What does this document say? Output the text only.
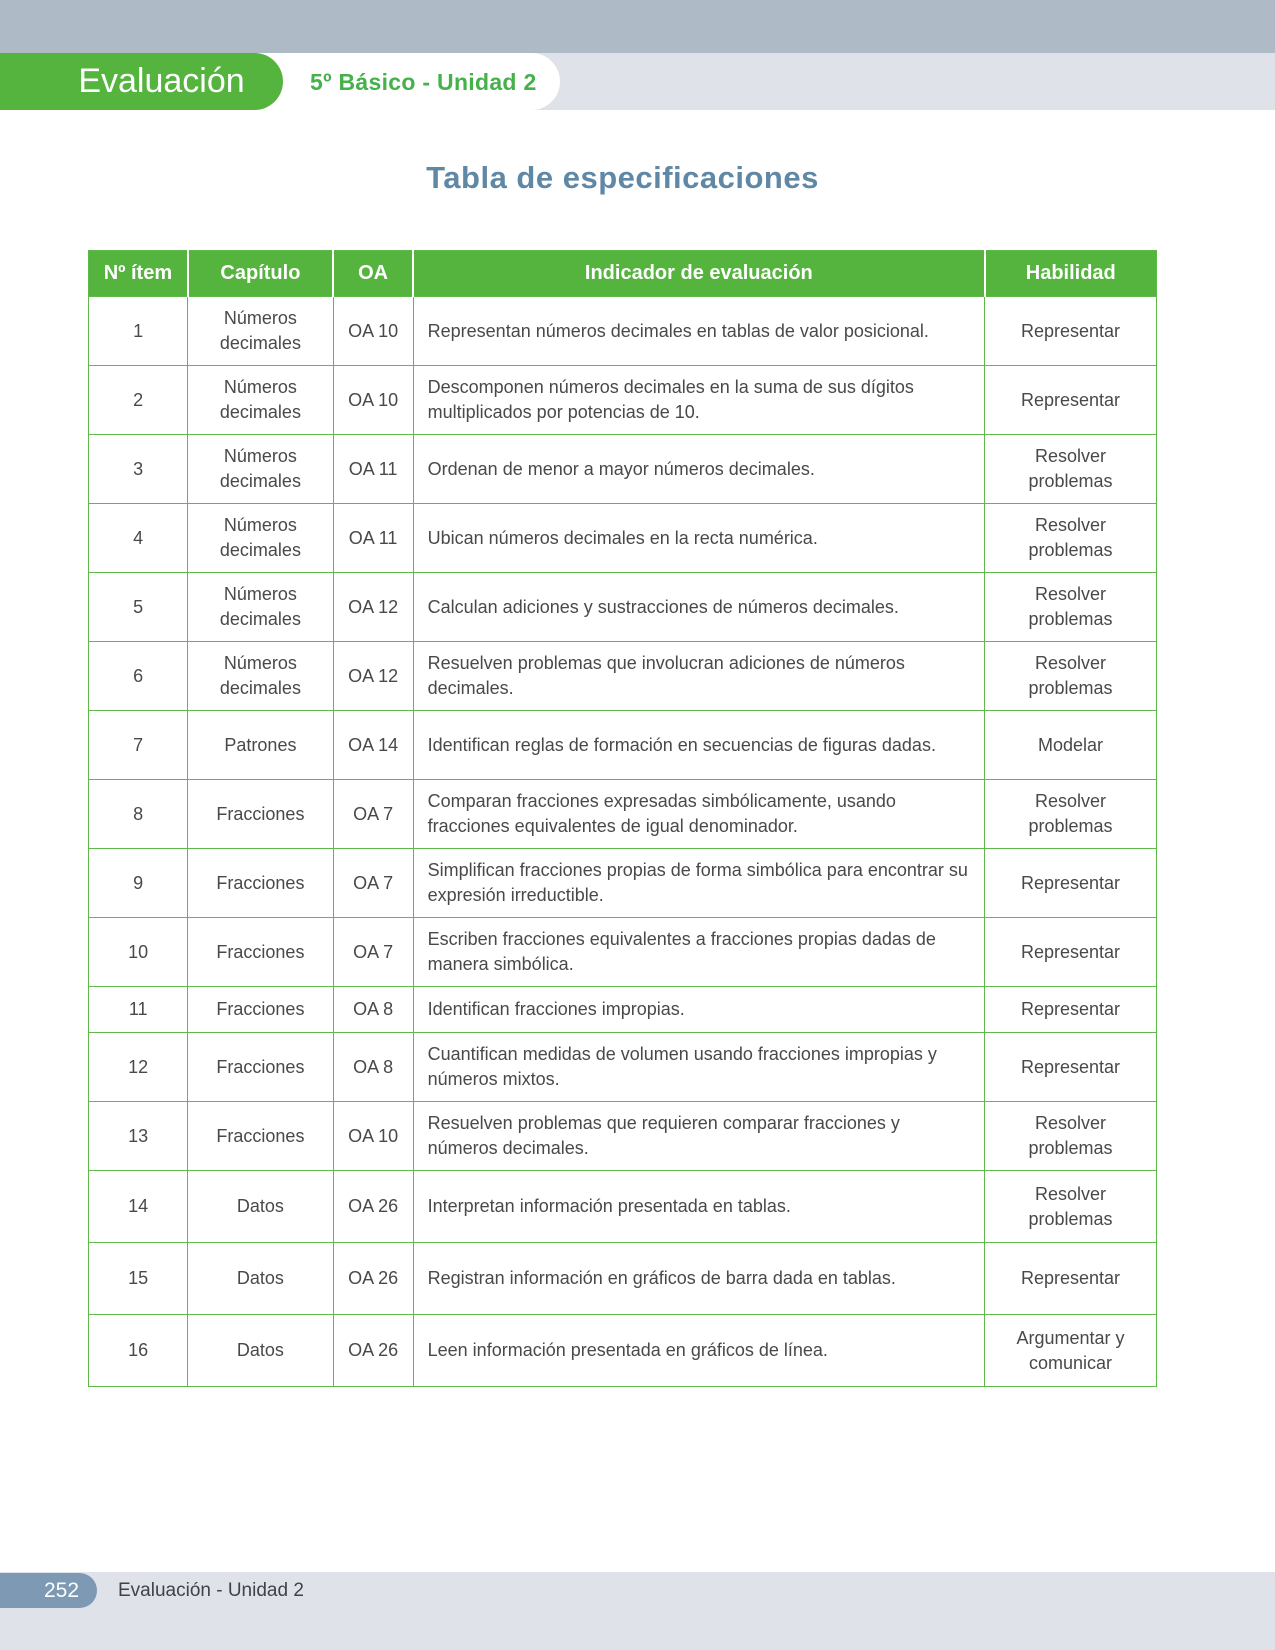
Evaluación	5º Básico - Unidad 2
Tabla de especificaciones
Nº ítem	Capítulo	OA	Indicador de evaluación	Habilidad
1	Números decimales	OA 10	Representan números decimales en tablas de valor posicional.	Representar
2	Números decimales	OA 10	Descomponen números decimales en la suma de sus dígitos multiplicados por potencias de 10.	Representar
3	Números decimales	OA 11	Ordenan de menor a mayor números decimales.	Resolver problemas
4	Números decimales	OA 11	Ubican números decimales en la recta numérica.	Resolver problemas
5	Números decimales	OA 12	Calculan adiciones y sustracciones de números decimales.	Resolver problemas
6	Números decimales	OA 12	Resuelven problemas que involucran adiciones de números decimales.	Resolver problemas
7	Patrones	OA 14	Identifican reglas de formación en secuencias de figuras dadas.	Modelar
8	Fracciones	OA 7	Comparan fracciones expresadas simbólicamente, usando fracciones equivalentes de igual denominador.	Resolver problemas
9	Fracciones	OA 7	Simplifican fracciones propias de forma simbólica para encontrar su expresión irreductible.	Representar
10	Fracciones	OA 7	Escriben fracciones equivalentes a fracciones propias dadas de manera simbólica.	Representar
11	Fracciones	OA 8	Identifican fracciones impropias.	Representar
12	Fracciones	OA 8	Cuantifican medidas de volumen usando fracciones impropias y números mixtos.	Representar
13	Fracciones	OA 10	Resuelven problemas que requieren comparar fracciones y números decimales.	Resolver problemas
14	Datos	OA 26	Interpretan información presentada en tablas.	Resolver problemas
15	Datos	OA 26	Registran información en gráficos de barra dada en tablas.	Representar
16	Datos	OA 26	Leen información presentada en gráficos de línea.	Argumentar y comunicar
252	Evaluación - Unidad 2
